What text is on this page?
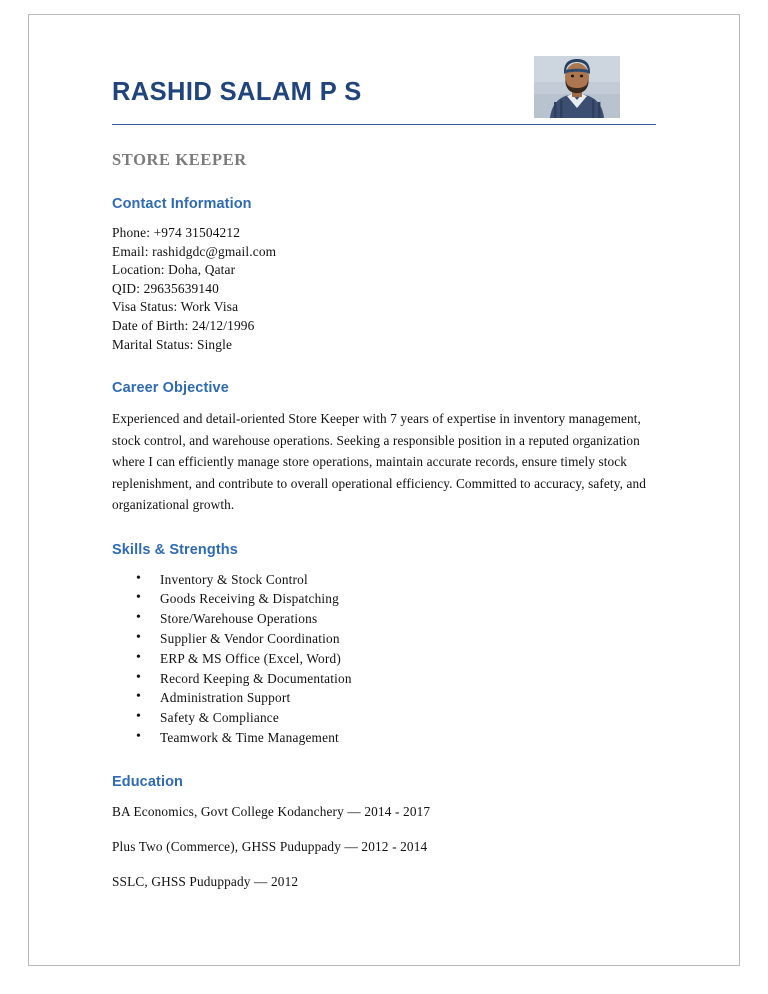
RASHID SALAM P S
STORE KEEPER
Contact Information
Phone: +974 31504212
Email: rashidgdc@gmail.com
Location: Doha, Qatar
QID: 29635639140
Visa Status: Work Visa
Date of Birth: 24/12/1996
Marital Status: Single
Career Objective
Experienced and detail-oriented Store Keeper with 7 years of expertise in inventory management, stock control, and warehouse operations. Seeking a responsible position in a reputed organization where I can efficiently manage store operations, maintain accurate records, ensure timely stock replenishment, and contribute to overall operational efficiency. Committed to accuracy, safety, and organizational growth.
Skills & Strengths
• Inventory & Stock Control
• Goods Receiving & Dispatching
• Store/Warehouse Operations
• Supplier & Vendor Coordination
• ERP & MS Office (Excel, Word)
• Record Keeping & Documentation
• Administration Support
• Safety & Compliance
• Teamwork & Time Management
Education
BA Economics, Govt College Kodanchery — 2014 - 2017
Plus Two (Commerce), GHSS Puduppady — 2012 - 2014
SSLC, GHSS Puduppady — 2012
